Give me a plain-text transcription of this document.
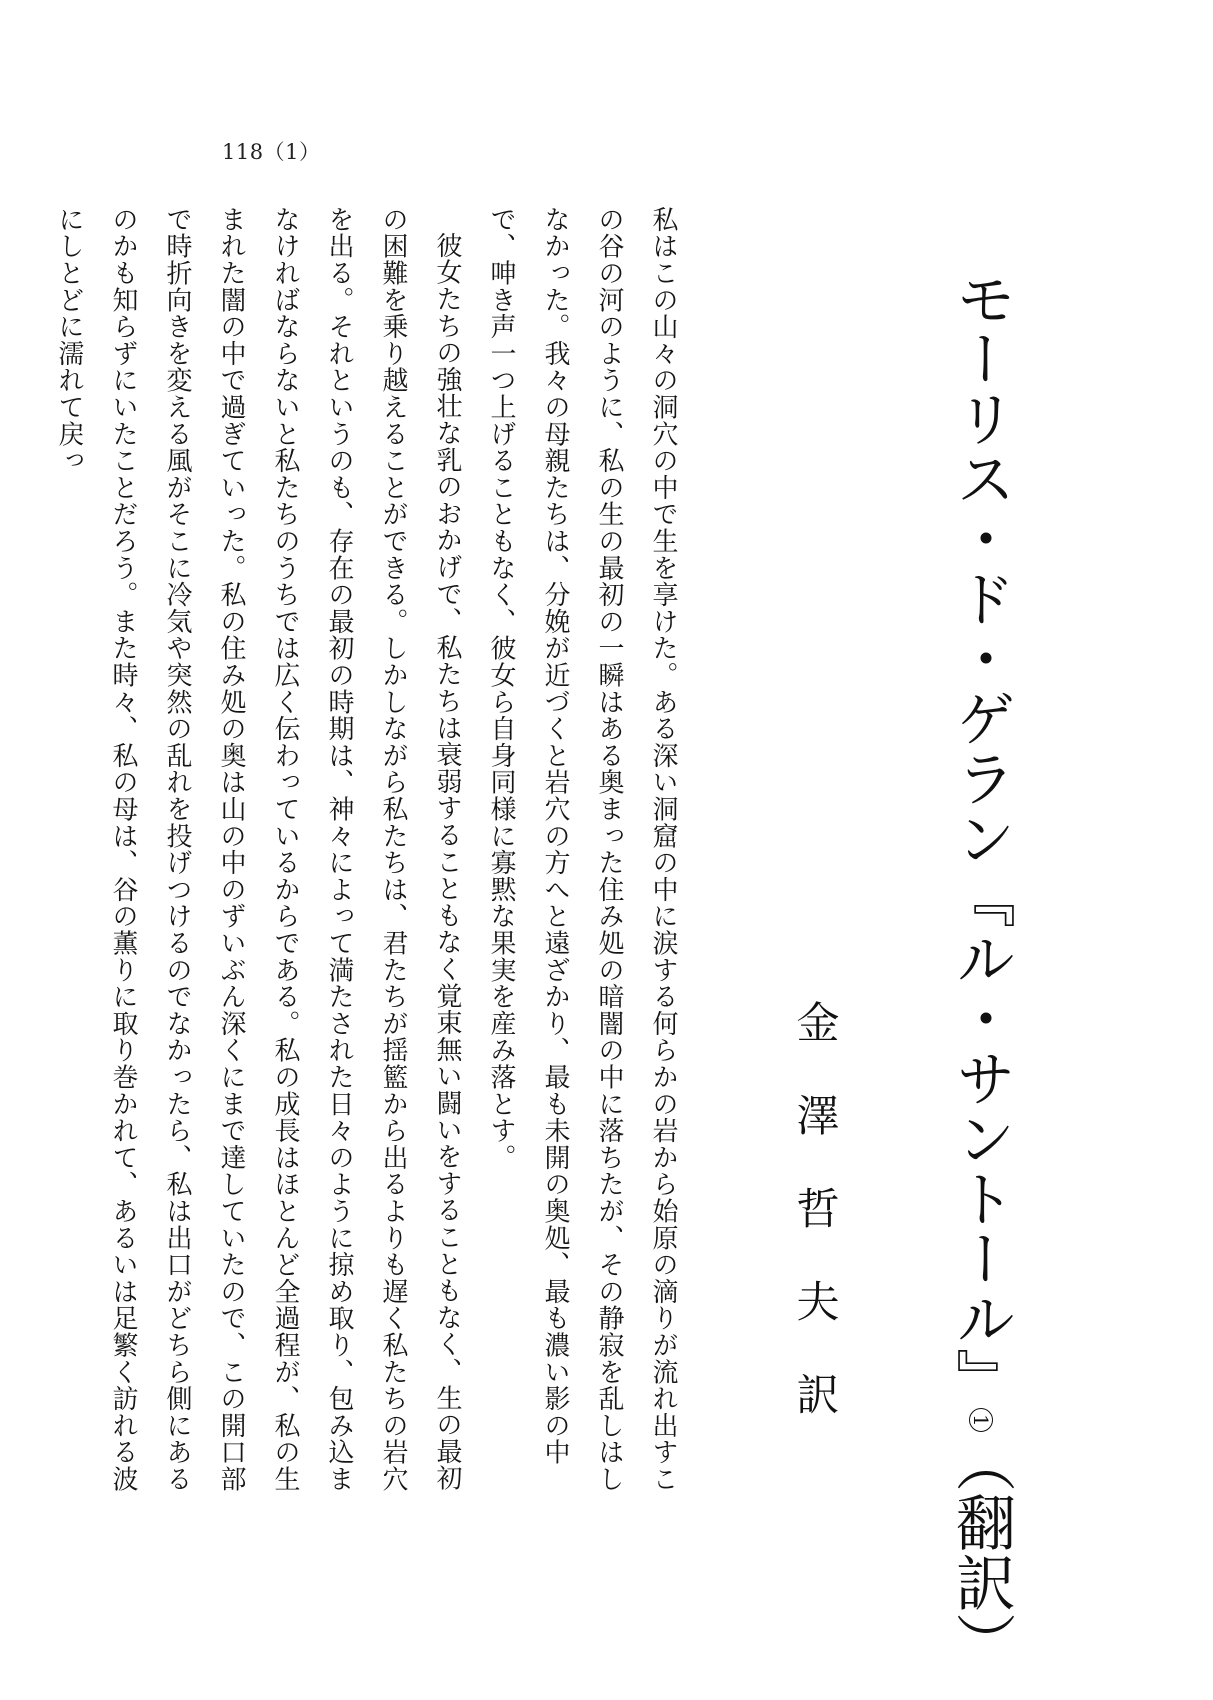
118（1）
モーリス・ド・ゲラン『ル・サントール』1（翻訳）
金
澤
哲
夫
訳

私はこの山々の洞穴の中で生を享けた。ある深い洞窟の中に涙する何らかの岩から始原の滴りが流れ出すこの谷の河のように、私の生の最初の一瞬はある奥まった住み処の暗闇の中に落ちたが、その静寂を乱しはしなかった。我々の母親たちは、分娩が近づくと岩穴の方へと遠ざかり、最も未開の奥処、最も濃い影の中で、呻き声一つ上げることもなく、彼女ら自身同様に寡黙な果実を産み落とす。

彼女たちの強壮な乳のおかげで、私たちは衰弱することもなく覚束無い闘いをすることもなく、生の最初の困難を乗り越えることができる。しかしながら私たちは、君たちが揺籃から出るよりも遅く私たちの岩穴を出る。それというのも、存在の最初の時期は、神々によって満たされた日々のように掠め取り、包み込まなければならないと私たちのうちでは広く伝わっているからである。私の成長はほとんど全過程が、私の生まれた闇の中で過ぎていった。私の住み処の奥は山の中のずいぶん深くにまで達していたので、この開口部で時折向きを変える風がそこに冷気や突然の乱れを投げつけるのでなかったら、私は出口がどちら側にあるのかも知らずにいたことだろう。また時々、私の母は、谷の薫りに取り巻かれて、あるいは足繁く訪れる波にしとどに濡れて戻っ
